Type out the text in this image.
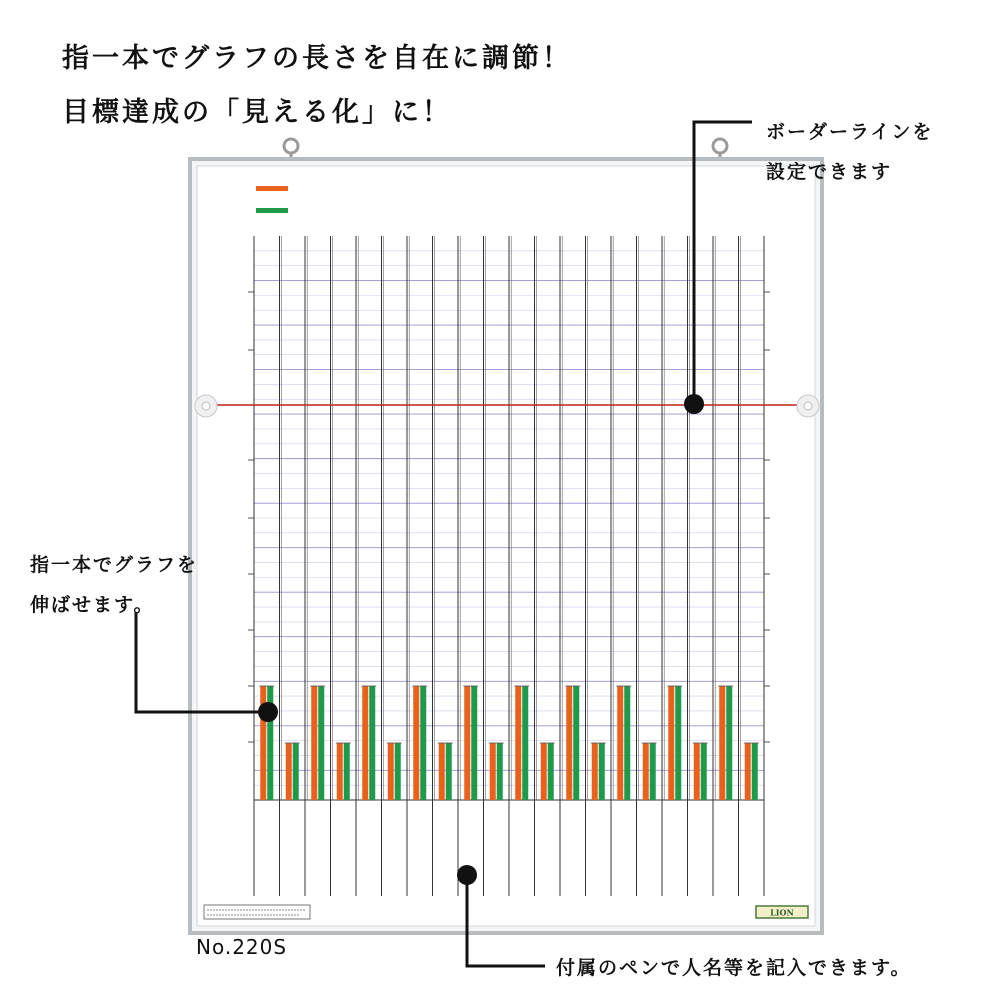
指一本でグラフの長さを自在に調節！
目標達成の「見える化」に！
LION
ボーダーラインを
設定できます
指一本でグラフを
伸ばせます。
付属のペンで人名等を記入できます。
No.220S
